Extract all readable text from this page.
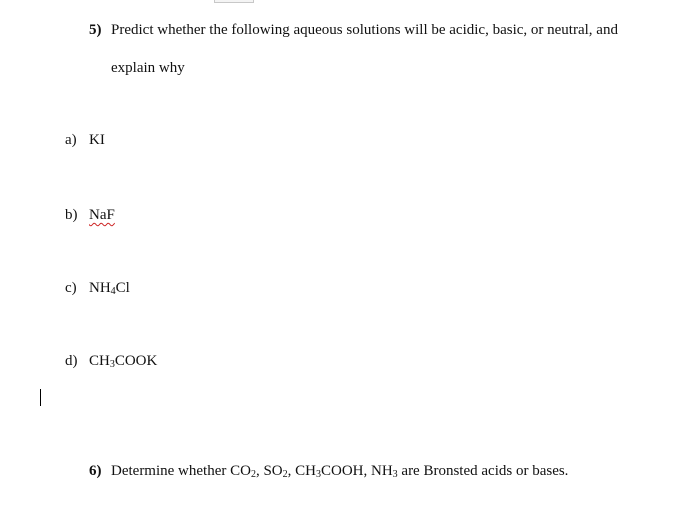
5) Predict whether the following aqueous solutions will be acidic, basic, or neutral, and
explain why
a) KI
b) NaF
c) $NH_4Cl$
d) $CH_3COOK$
6) Determine whether $CO_2$, $SO_2$, $CH_3COOH$, $NH_3$ are Bronsted acids or bases.
